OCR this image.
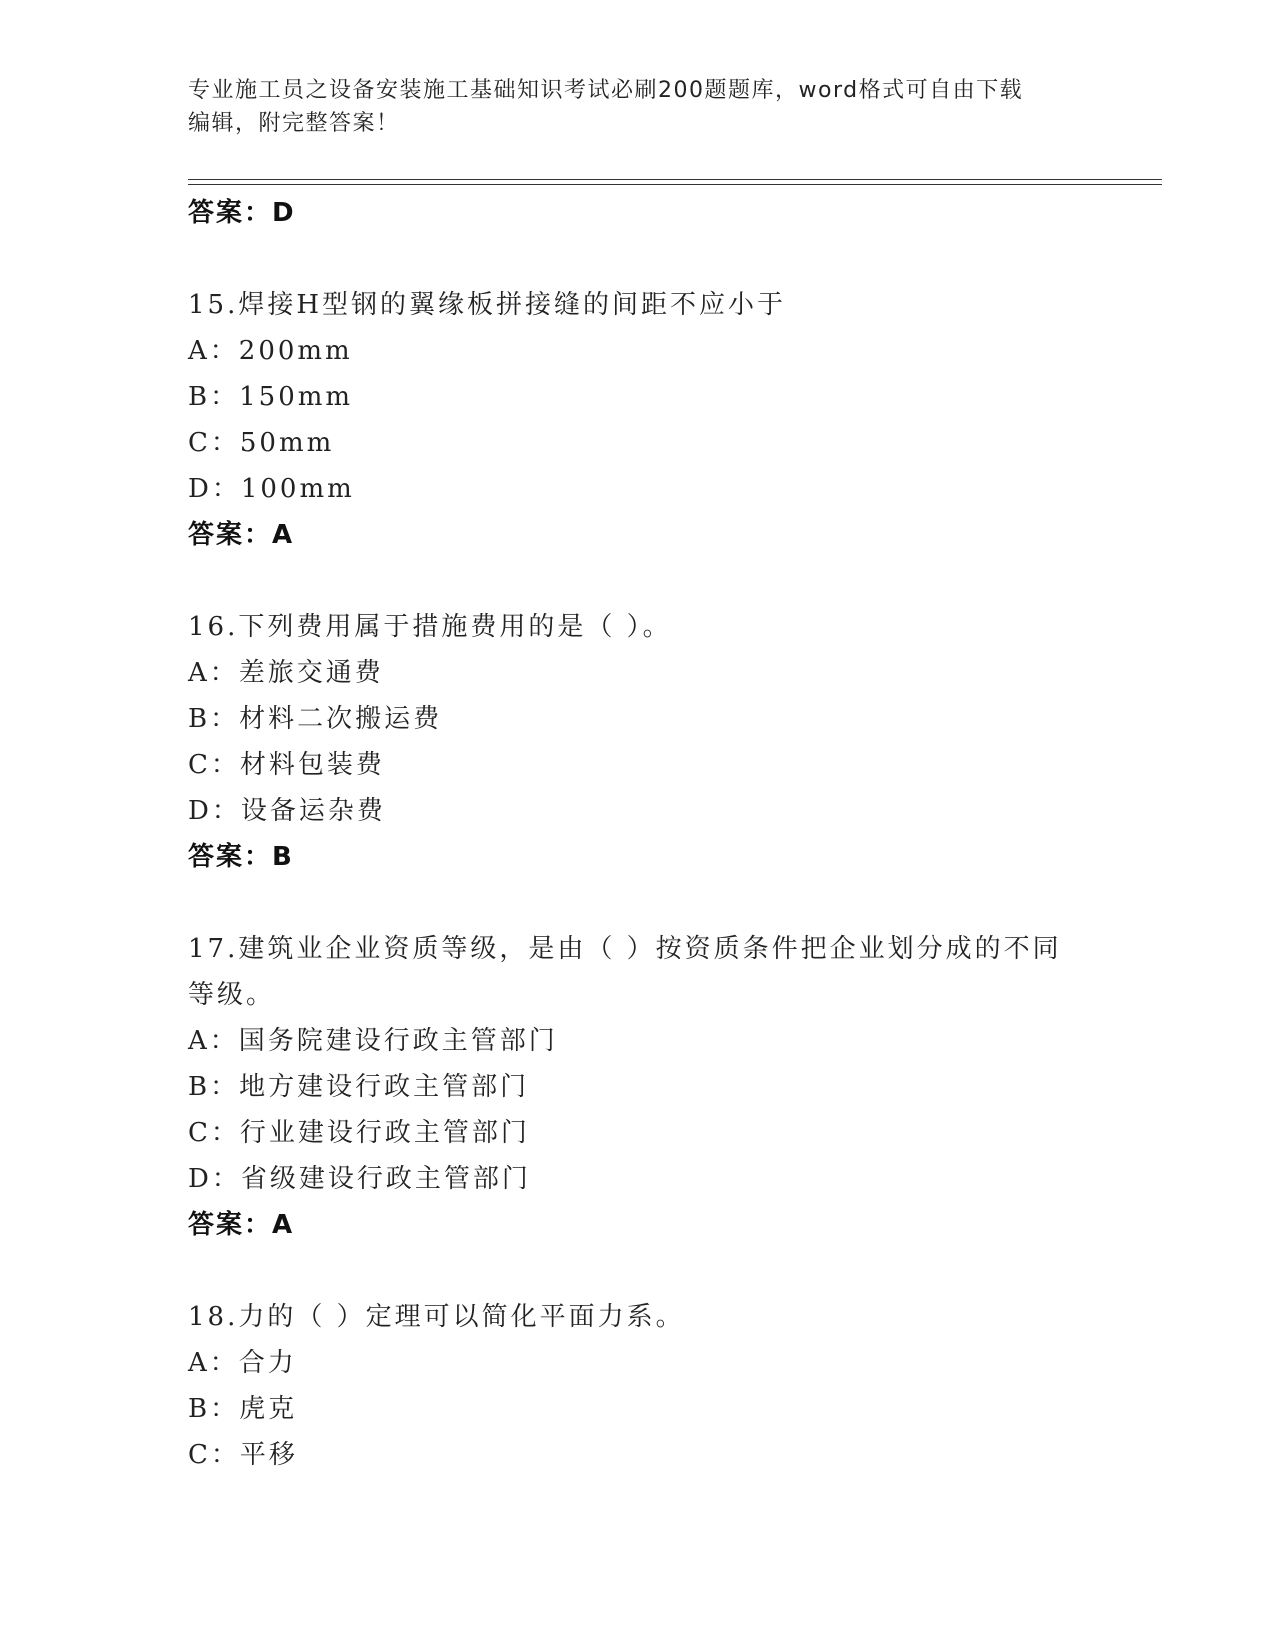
专业施工员之设备安装施工基础知识考试必刷200题题库，word格式可自由下载
编辑，附完整答案！
答案：D
15.焊接H型钢的翼缘板拼接缝的间距不应小于
A：200mm
B：150mm
C：50mm
D：100mm
答案：A
16.下列费用属于措施费用的是（ ）。
A：差旅交通费
B：材料二次搬运费
C：材料包装费
D：设备运杂费
答案：B
17.建筑业企业资质等级，是由（ ）按资质条件把企业划分成的不同
等级。
A：国务院建设行政主管部门
B：地方建设行政主管部门
C：行业建设行政主管部门
D：省级建设行政主管部门
答案：A
18.力的（ ）定理可以简化平面力系。
A：合力
B：虎克
C：平移
